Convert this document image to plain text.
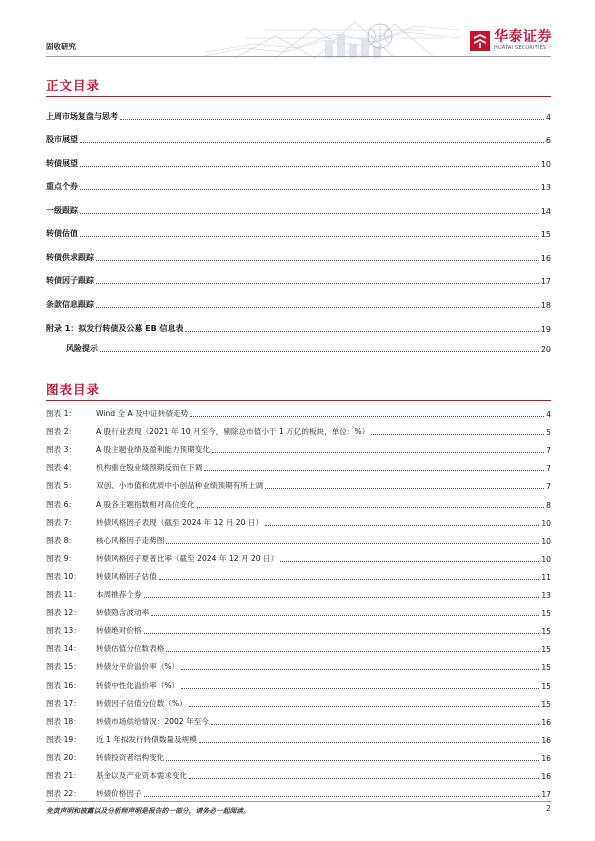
固收研究
华泰证券
HUATAI SECURITIES
正文目录
上周市场复盘与思考	4
股市展望	6
转债展望	10
重点个券	13
一级跟踪	14
转债估值	15
转债供求跟踪	16
转债因子跟踪	17
条款信息跟踪	18
附录 1：拟发行转债及公募 EB 信息表	19
风险提示	20
图表目录
图表 1：	Wind 全 A 及中证转债走势	4
图表 2：	A 股行业表现（2021 年 10 月至今，剔除总市值小于 1 万亿的板块，单位：%）	5
图表 3：	A 股主题业绩及盈利能力预期变化	7
图表 4：	机构重仓股业绩预期反而在下调	7
图表 5：	双创、小市值和优质中小创品种业绩预期有所上调	7
图表 6：	A 股各主题指数相对高位变化	8
图表 7：	转债风格因子表现（截至 2024 年 12 月 20 日）	10
图表 8：	核心风格因子走势图	10
图表 9：	转债风格因子夏普比率（截至 2024 年 12 月 20 日）	10
图表 10：	转债风格因子估值	11
图表 11：	本周推荐个券	13
图表 12：	转债隐含波动率	15
图表 13：	转债绝对价格	15
图表 14：	转债估值分位数表格	15
图表 15：	转债分平价溢价率（%）	15
图表 16：	转债中性化溢价率（%）	15
图表 17：	转债因子估值分位数（%）	15
图表 18：	转债市场供给情况：2002 年至今	16
图表 19：	近 1 年拟发行转债数量及规模	16
图表 20：	转债投资者结构变化	16
图表 21：	基金以及产业资本需求变化	16
图表 22：	转债价格因子	17
免责声明和披露以及分析师声明是报告的一部分，请务必一起阅读。	2
